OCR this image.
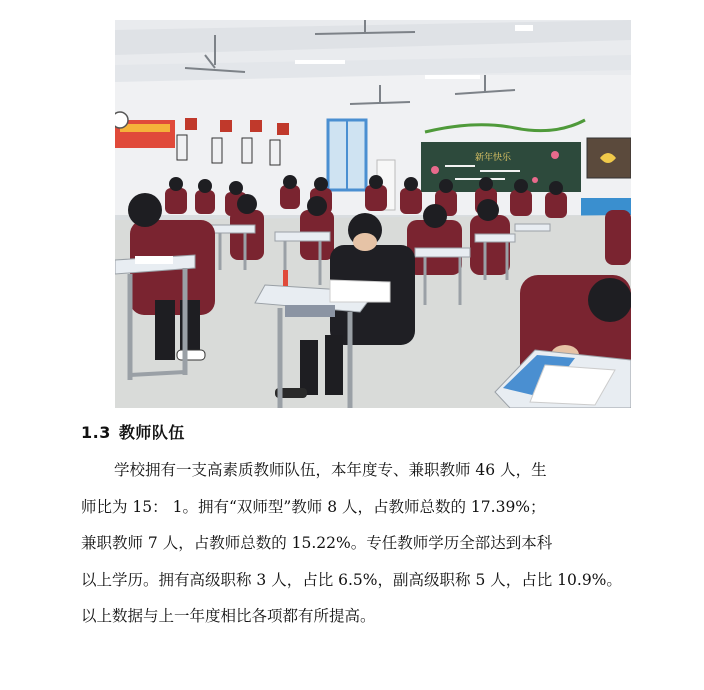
新年快乐
1.3 教师队伍
学校拥有一支高素质教师队伍，本年度专、兼职教师 46 人，生
师比为 15： 1。拥有“双师型”教师 8 人，占教师总数的 17.39%；
兼职教师 7 人，占教师总数的 15.22%。专任教师学历全部达到本科
以上学历。拥有高级职称 3 人，占比 6.5%，副高级职称 5 人，占比 10.9%。
以上数据与上一年度相比各项都有所提高。
